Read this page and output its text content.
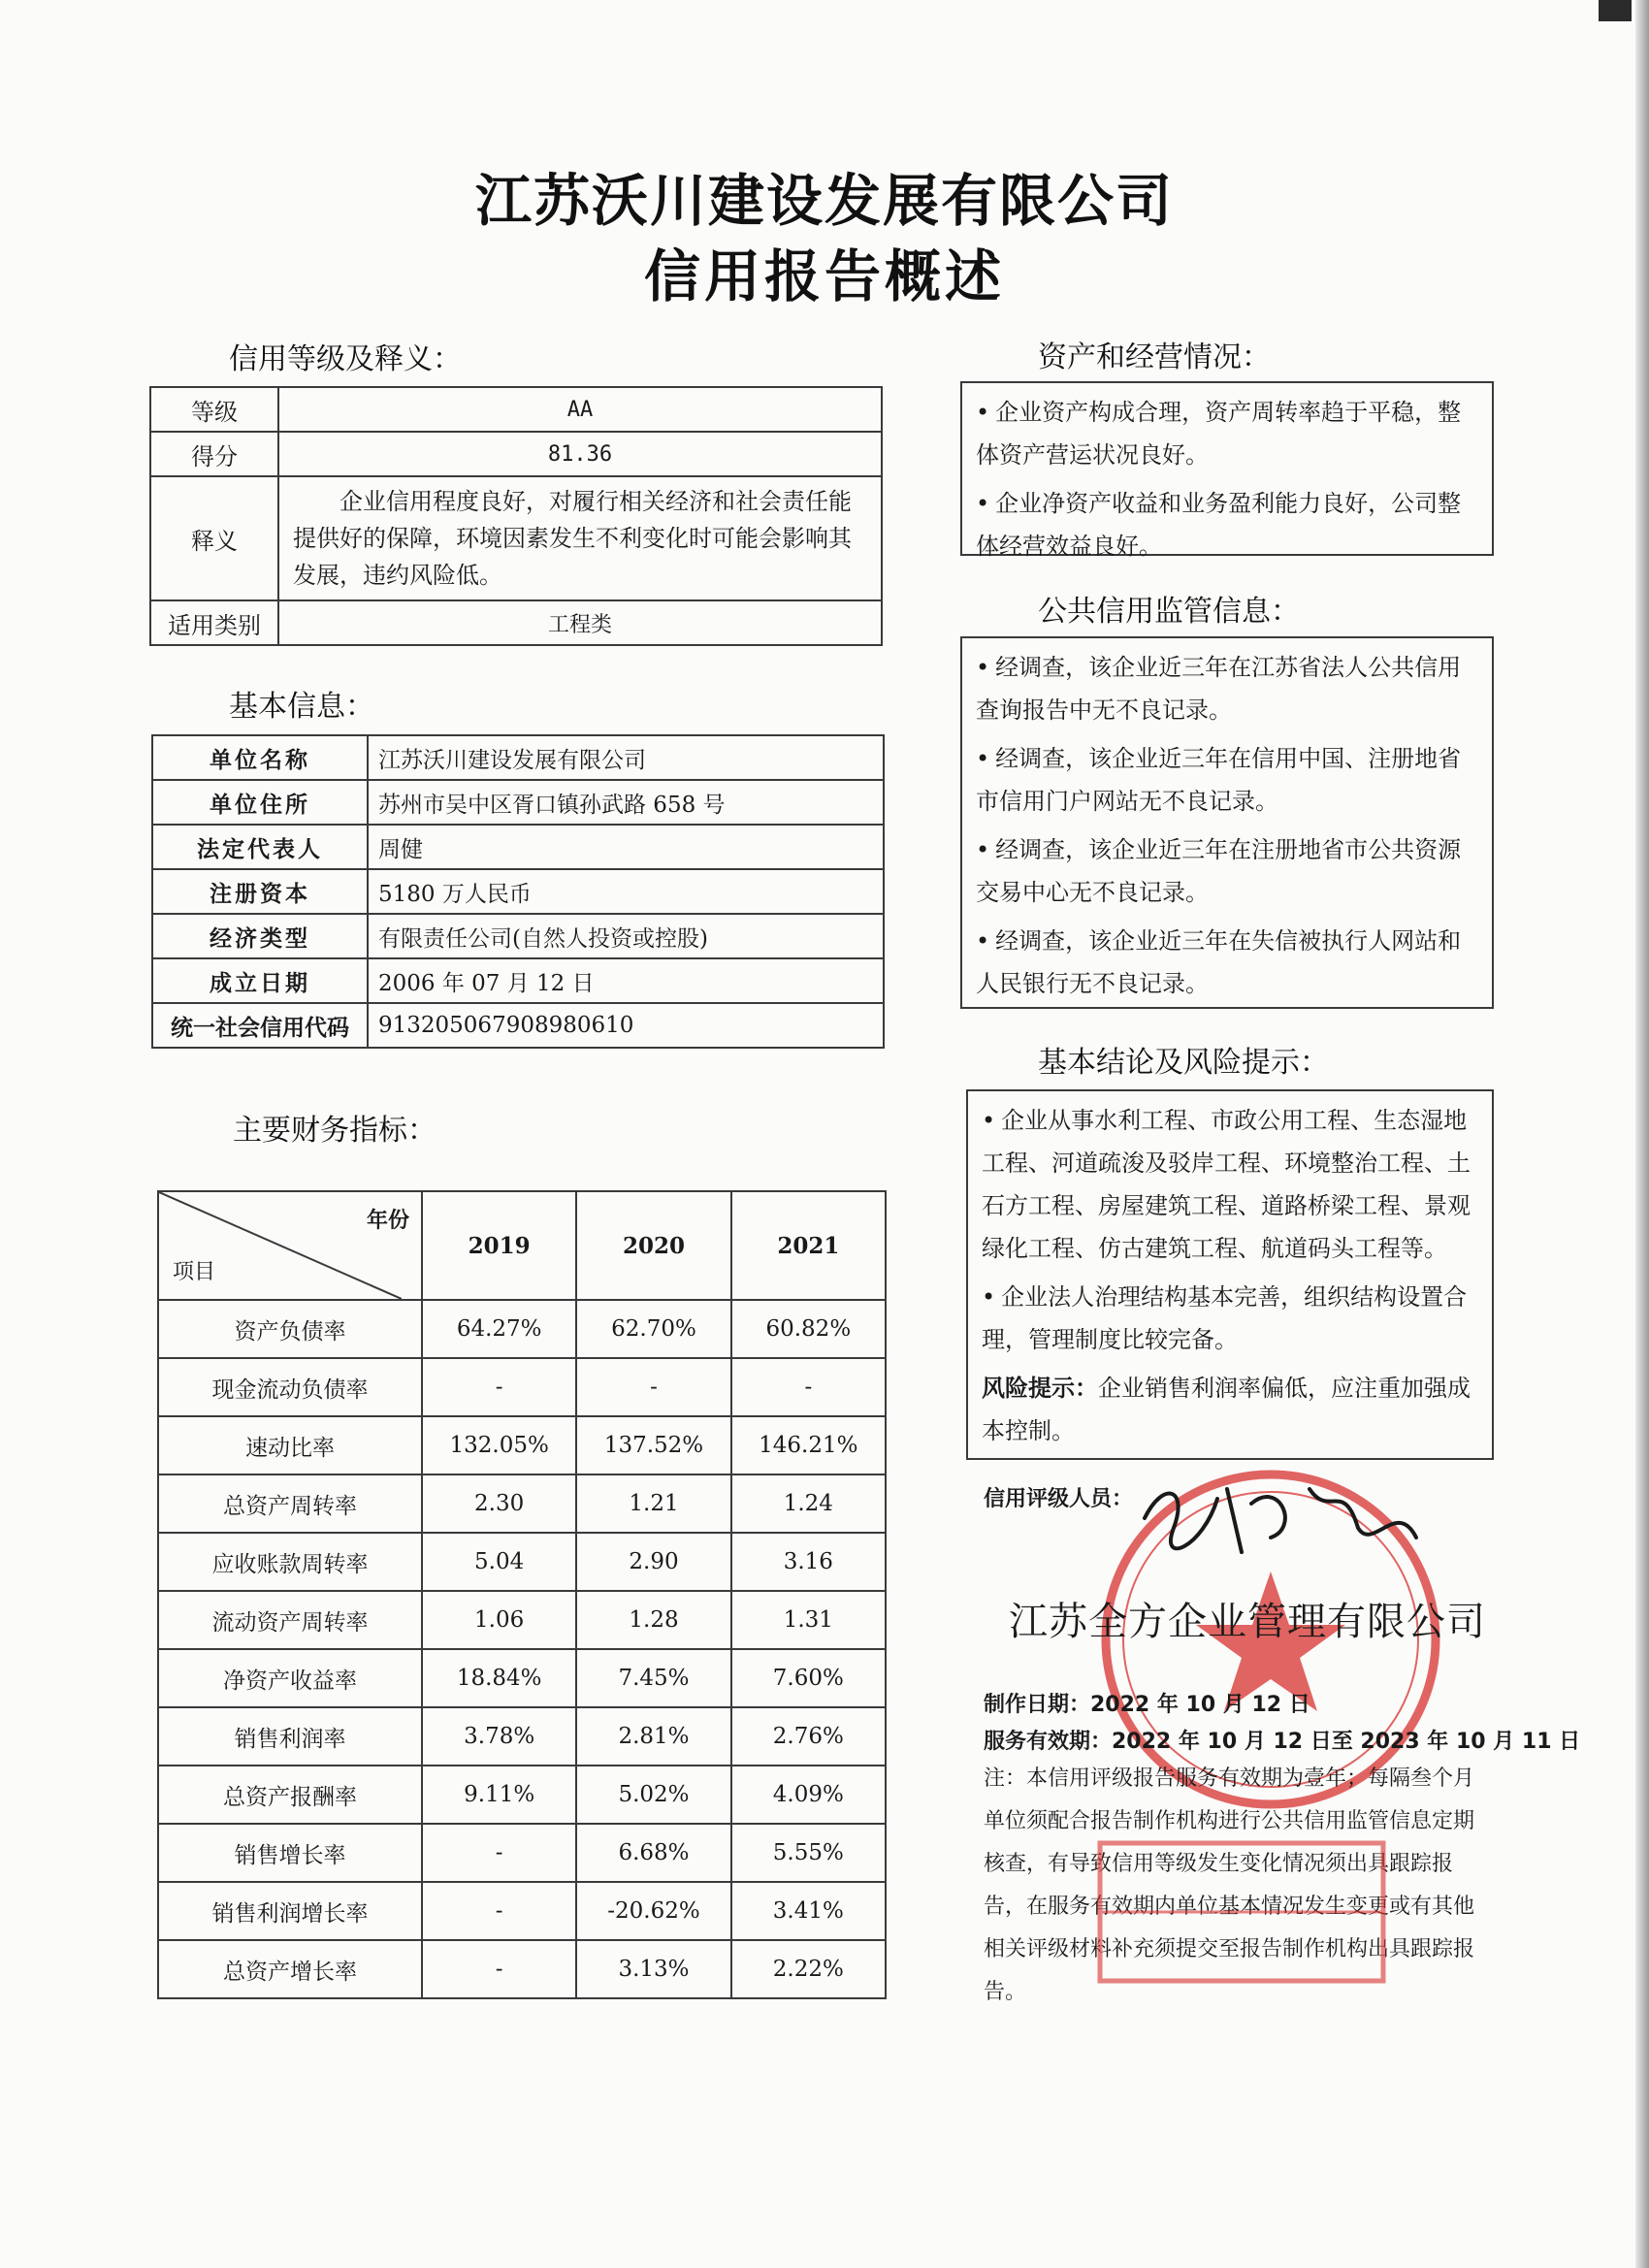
江苏沃川建设发展有限公司
信用报告概述
信用等级及释义：
等级	AA
得分	81.36
释义	企业信用程度良好，对履行相关经济和社会责任能提供好的保障，环境因素发生不利变化时可能会影响其发展，违约风险低。
适用类别	工程类
基本信息：
单位名称	江苏沃川建设发展有限公司
单位住所	苏州市吴中区胥口镇孙武路 658 号
法定代表人	周健
注册资本	5180 万人民币
经济类型	有限责任公司(自然人投资或控股)
成立日期	2006 年 07 月 12 日
统一社会信用代码	913205067908980610
主要财务指标：
年份
项目	2019	2020	2021
资产负债率	64.27%	62.70%	60.82%
现金流动负债率	-	-	-
速动比率	132.05%	137.52%	146.21%
总资产周转率	2.30	1.21	1.24
应收账款周转率	5.04	2.90	3.16
流动资产周转率	1.06	1.28	1.31
净资产收益率	18.84%	7.45%	7.60%
销售利润率	3.78%	2.81%	2.76%
总资产报酬率	9.11%	5.02%	4.09%
销售增长率	-	6.68%	5.55%
销售利润增长率	-	-20.62%	3.41%
总资产增长率	-	3.13%	2.22%
资产和经营情况：

• 企业资产构成合理，资产周转率趋于平稳，整体资产营运状况良好。

• 企业净资产收益和业务盈利能力良好，公司整体经营效益良好。

公共信用监管信息：

• 经调查，该企业近三年在江苏省法人公共信用查询报告中无不良记录。

• 经调查，该企业近三年在信用中国、注册地省市信用门户网站无不良记录。

• 经调查，该企业近三年在注册地省市公共资源交易中心无不良记录。

• 经调查，该企业近三年在失信被执行人网站和人民银行无不良记录。

基本结论及风险提示：

• 企业从事水利工程、市政公用工程、生态湿地工程、河道疏浚及驳岸工程、环境整治工程、土石方工程、房屋建筑工程、道路桥梁工程、景观绿化工程、仿古建筑工程、航道码头工程等。

• 企业法人治理结构基本完善，组织结构设置合理，管理制度比较完备。

风险提示：企业销售利润率偏低，应注重加强成本控制。

信用评级人员：
江苏全方企业管理有限公司
制作日期：2022 年 10 月 12 日
服务有效期：2022 年 10 月 12 日至 2023 年 10 月 11 日
注：本信用评级报告服务有效期为壹年；每隔叁个月单位须配合报告制作机构进行公共信用监管信息定期核查，有导致信用等级发生变化情况须出具跟踪报告，在服务有效期内单位基本情况发生变更或有其他相关评级材料补充须提交至报告制作机构出具跟踪报告。
